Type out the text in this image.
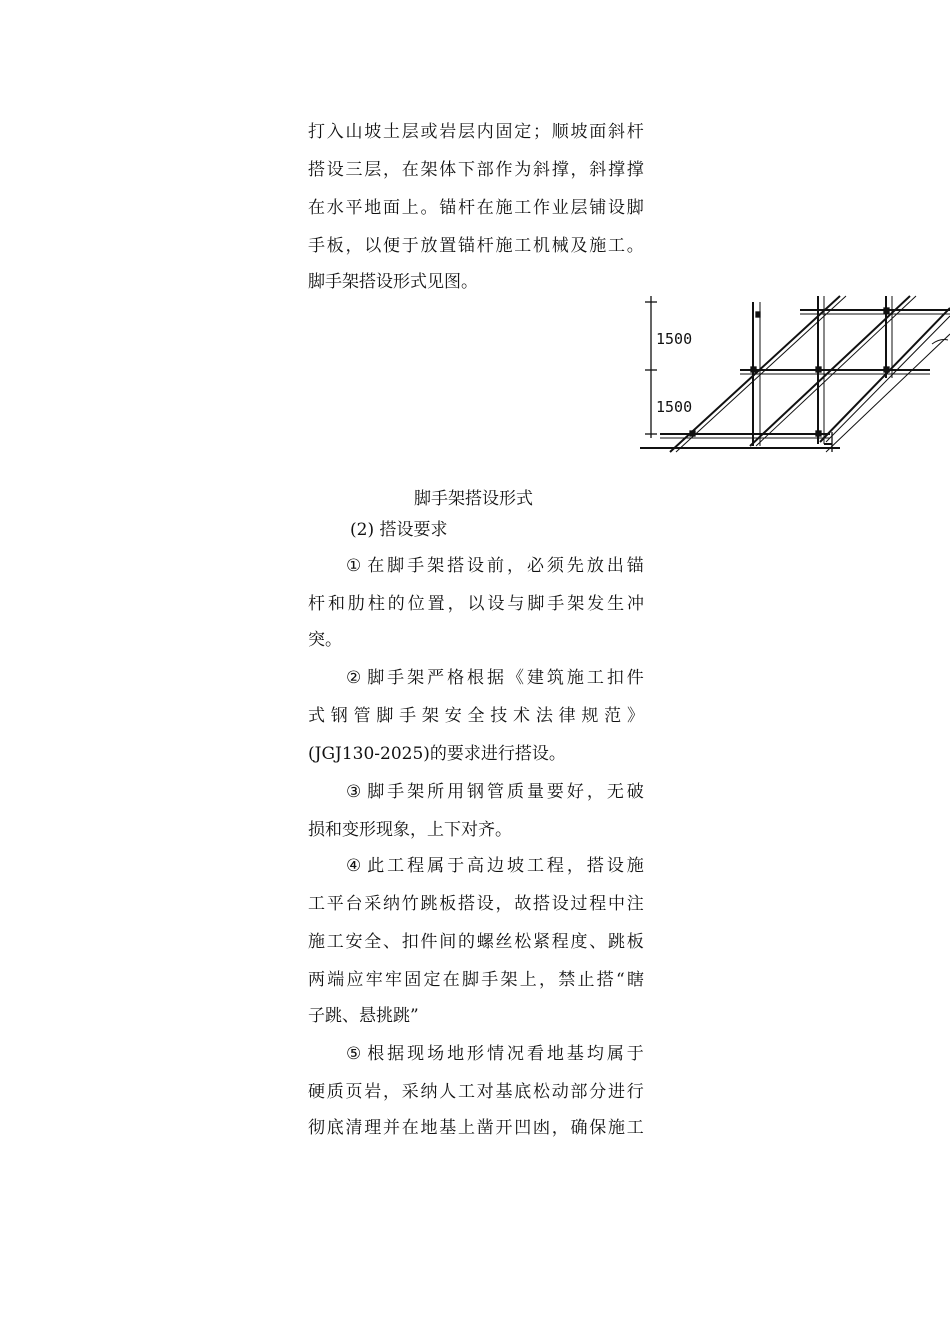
打 入 山 坡 土 层 或 岩 层 内 固 定 ； 顺 坡 面 斜 杆
搭 设 三 层 ， 在 架 体 下 部 作 为 斜 撑 ， 斜 撑 撑
在 水 平 地 面 上 。 锚 杆 在 施 工 作 业 层 铺 设 脚
手 板 ， 以 便 于 放 置 锚 杆 施 工 机 械 及 施 工 。
脚手架搭设形式见图。
1500
1500
脚手架搭设形式
(2) 搭设要求
① 在 脚 手 架 搭 设 前 ， 必 须 先 放 出 锚
杆 和 肋 柱 的 位 置 ， 以 设 与 脚 手 架 发 生 冲
突。
② 脚 手 架 严 格 根 据 《 建 筑 施 工 扣 件
式 钢 管 脚 手 架 安 全 技 术 法 律 规 范 》
(JGJ130-2025)的要求进行搭设。
③ 脚 手 架 所 用 钢 管 质 量 要 好 ， 无 破
损和变形现象，上下对齐。
④ 此 工 程 属 于 高 边 坡 工 程 ， 搭 设 施
工 平 台 采 纳 竹 跳 板 搭 设 ， 故 搭 设 过 程 中 注
施 工 安 全 、 扣 件 间 的 螺 丝 松 紧 程 度 、 跳 板
两 端 应 牢 牢 固 定 在 脚 手 架 上 ， 禁 止 搭 “ 瞎
子跳、悬挑跳”
⑤ 根 据 现 场 地 形 情 况 看 地 基 均 属 于
硬 质 页 岩 ， 采 纳 人 工 对 基 底 松 动 部 分 进 行
彻 底 清 理 并 在 地 基 上 凿 开 凹 凼 ， 确 保 施 工
